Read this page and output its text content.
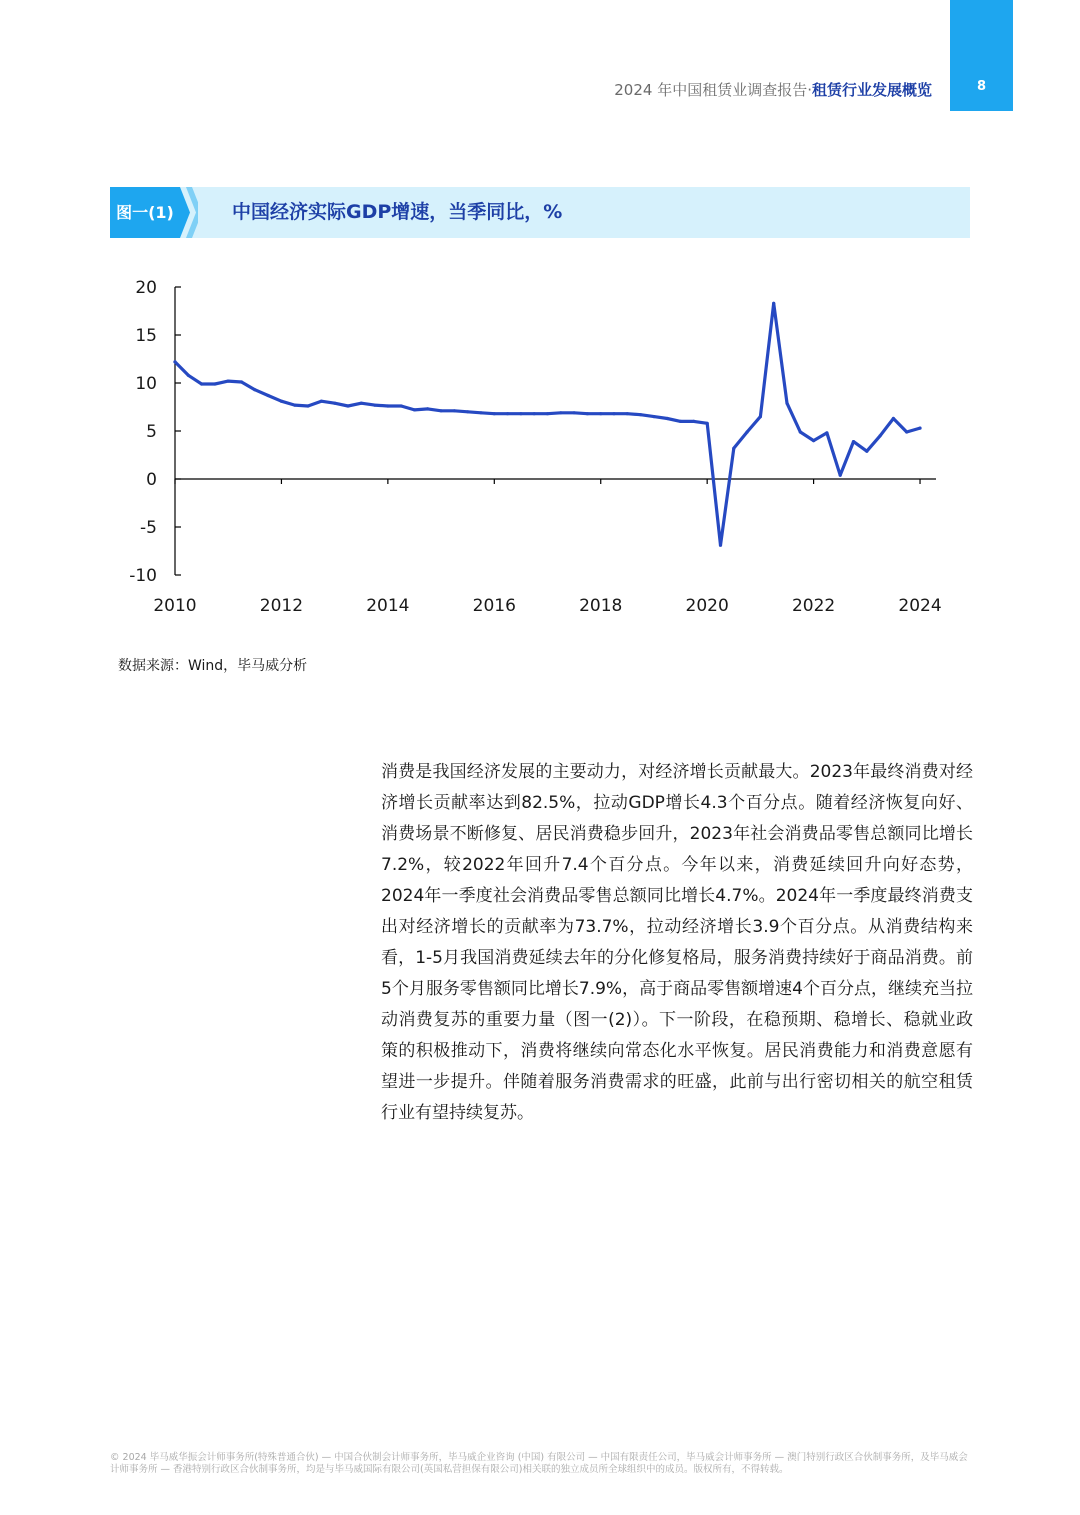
8
2024 年中国租赁业调查报告·租赁行业发展概览
图一(1)	中国经济实际GDP增速，当季同比，%
20
15
10
5
0
-5
-10
2010	2012	2014	2016	2018	2020	2022	2024
数据来源：Wind，毕马威分析
消费是我国经济发展的主要动力，对经济增长贡献最大。2023年最终消费对经济增长贡献率达到82.5%，拉动GDP增长4.3个百分点。随着经济恢复向好、消费场景不断修复、居民消费稳步回升，2023年社会消费品零售总额同比增长7.2%，较2022年回升7.4个百分点。今年以来，消费延续回升向好态势，2024年一季度社会消费品零售总额同比增长4.7%。2024年一季度最终消费支出对经济增长的贡献率为73.7%，拉动经济增长3.9个百分点。从消费结构来看，1-5月我国消费延续去年的分化修复格局，服务消费持续好于商品消费。前5个月服务零售额同比增长7.9%，高于商品零售额增速4个百分点，继续充当拉动消费复苏的重要力量（图一(2)）。下一阶段，在稳预期、稳增长、稳就业政策的积极推动下，消费将继续向常态化水平恢复。居民消费能力和消费意愿有望进一步提升。伴随着服务消费需求的旺盛，此前与出行密切相关的航空租赁行业有望持续复苏。
© 2024 毕马威华振会计师事务所(特殊普通合伙) — 中国合伙制会计师事务所，毕马威企业咨询 (中国) 有限公司 — 中国有限责任公司，毕马威会计师事务所 — 澳门特别行政区合伙制事务所，及毕马威会计师事务所 — 香港特别行政区合伙制事务所，均是与毕马威国际有限公司(英国私营担保有限公司)相关联的独立成员所全球组织中的成员。版权所有，不得转载。
